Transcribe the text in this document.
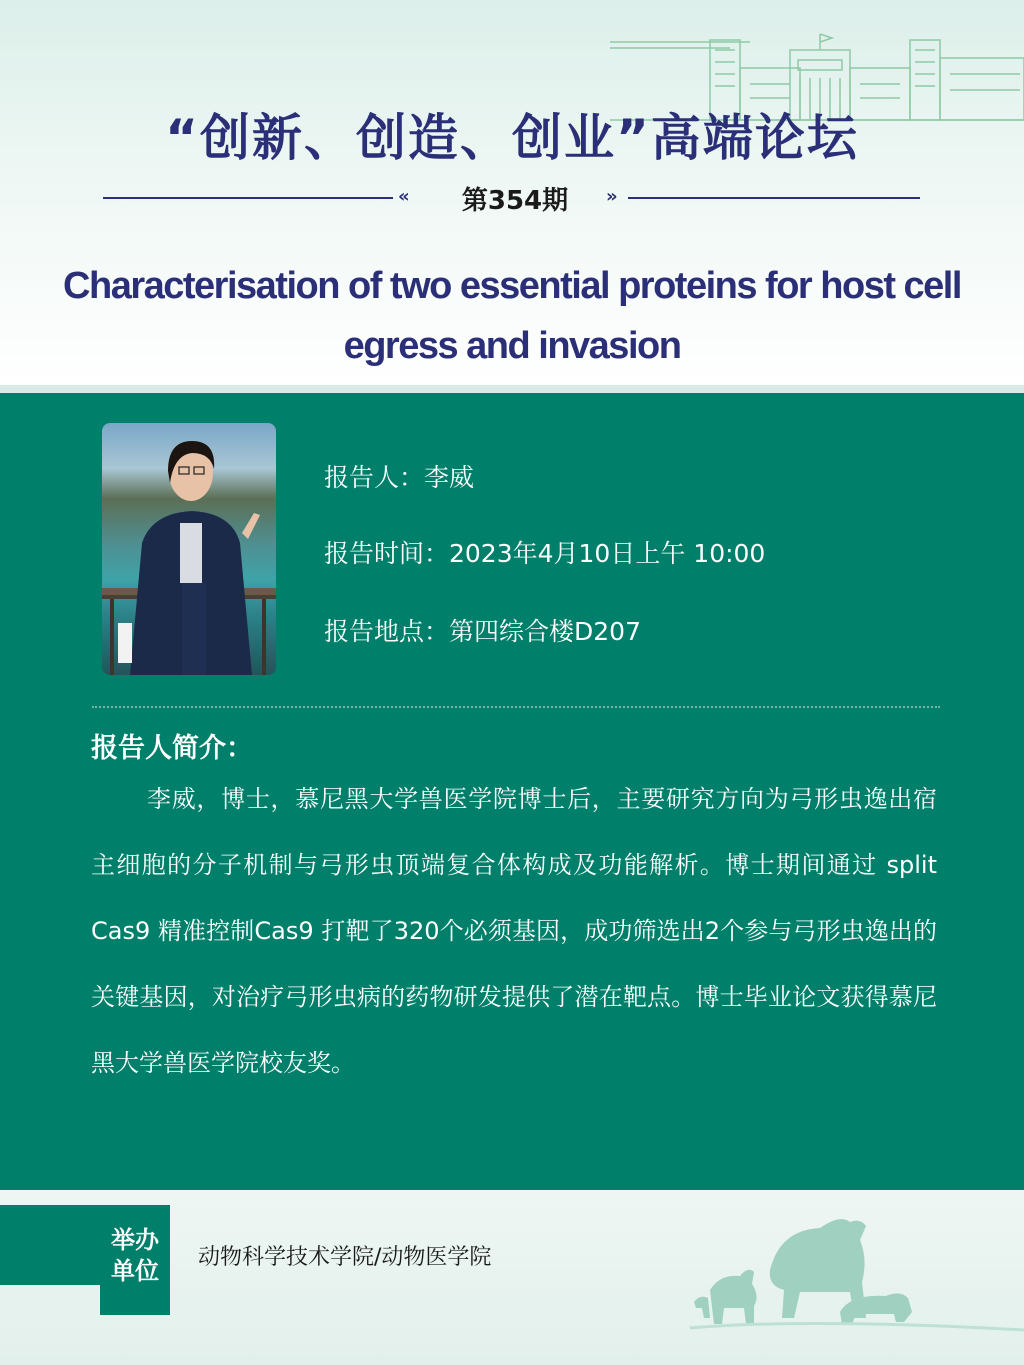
“创新、创造、创业”高端论坛
«	第354期	»
Characterisation of two essential proteins for host cell egress and invasion
报告人：李威
报告时间：2023年4月10日上午 10:00
报告地点：第四综合楼D207
报告人简介：
李威，博士，慕尼黑大学兽医学院博士后，主要研究方向为弓形虫逸出宿主细胞的分子机制与弓形虫顶端复合体构成及功能解析。博士期间通过 split Cas9 精准控制Cas9 打靶了320个必须基因，成功筛选出2个参与弓形虫逸出的关键基因，对治疗弓形虫病的药物研发提供了潜在靶点。博士毕业论文获得慕尼黑大学兽医学院校友奖。
举办
单位	动物科学技术学院/动物医学院
